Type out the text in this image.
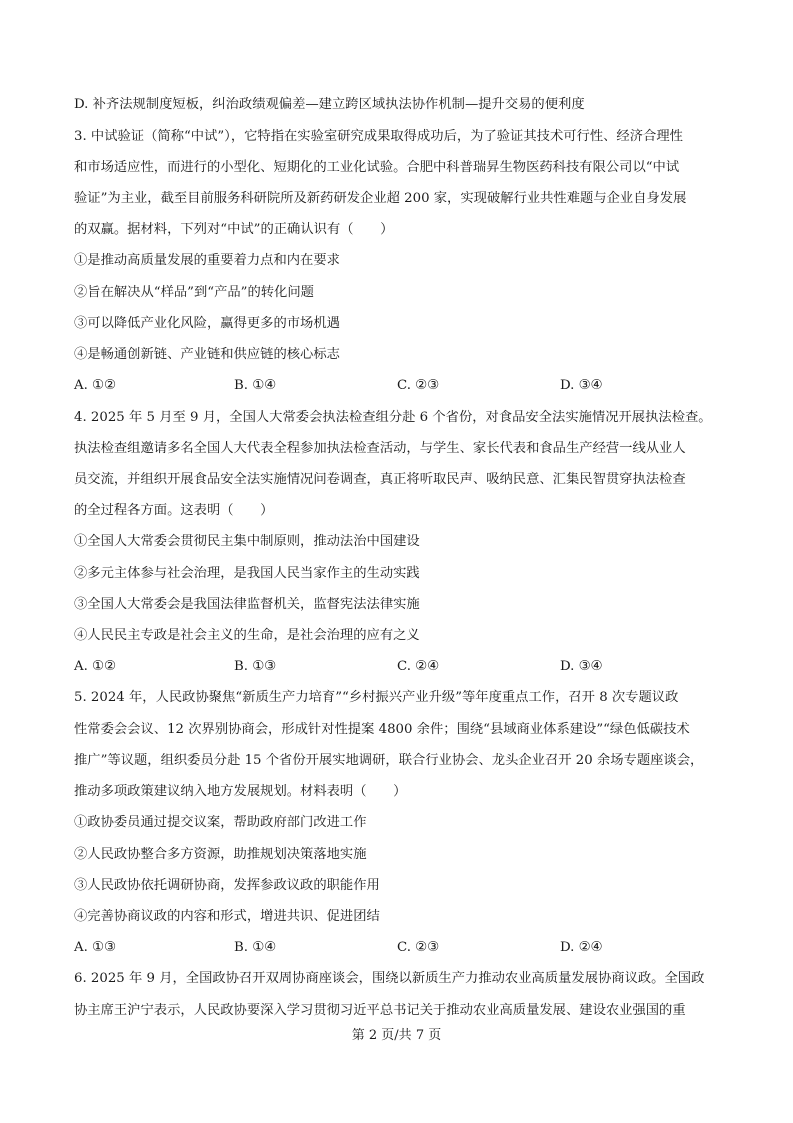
D. 补齐法规制度短板，纠治政绩观偏差—建立跨区域执法协作机制—提升交易的便利度
3. 中试验证（简称“中试”），它特指在实验室研究成果取得成功后，为了验证其技术可行性、经济合理性
和市场适应性，而进行的小型化、短期化的工业化试验。合肥中科普瑞昇生物医药科技有限公司以“中试
验证”为主业，截至目前服务科研院所及新药研发企业超 200 家，实现破解行业共性难题与企业自身发展
的双赢。据材料，下列对“中试”的正确认识有（　　）
①是推动高质量发展的重要着力点和内在要求
②旨在解决从“样品”到“产品”的转化问题
③可以降低产业化风险，赢得更多的市场机遇
④是畅通创新链、产业链和供应链的核心标志
A. ①②	B. ①④	C. ②③	D. ③④
4. 2025 年 5 月至 9 月，全国人大常委会执法检查组分赴 6 个省份，对食品安全法实施情况开展执法检查。
执法检查组邀请多名全国人大代表全程参加执法检查活动，与学生、家长代表和食品生产经营一线从业人
员交流，并组织开展食品安全法实施情况问卷调查，真正将听取民声、吸纳民意、汇集民智贯穿执法检查
的全过程各方面。这表明（　　）
①全国人大常委会贯彻民主集中制原则，推动法治中国建设
②多元主体参与社会治理，是我国人民当家作主的生动实践
③全国人大常委会是我国法律监督机关，监督宪法法律实施
④人民民主专政是社会主义的生命，是社会治理的应有之义
A. ①②	B. ①③	C. ②④	D. ③④
5. 2024 年，人民政协聚焦“新质生产力培育”“乡村振兴产业升级”等年度重点工作，召开 8 次专题议政
性常委会会议、12 次界别协商会，形成针对性提案 4800 余件；围绕“县域商业体系建设”“绿色低碳技术
推广”等议题，组织委员分赴 15 个省份开展实地调研，联合行业协会、龙头企业召开 20 余场专题座谈会，
推动多项政策建议纳入地方发展规划。材料表明（　　）
①政协委员通过提交议案，帮助政府部门改进工作
②人民政协整合多方资源，助推规划决策落地实施
③人民政协依托调研协商，发挥参政议政的职能作用
④完善协商议政的内容和形式，增进共识、促进团结
A. ①③	B. ①④	C. ②③	D. ②④
6. 2025 年 9 月，全国政协召开双周协商座谈会，围绕以新质生产力推动农业高质量发展协商议政。全国政
协主席王沪宁表示，人民政协要深入学习贯彻习近平总书记关于推动农业高质量发展、建设农业强国的重
第 2 页/共 7 页
